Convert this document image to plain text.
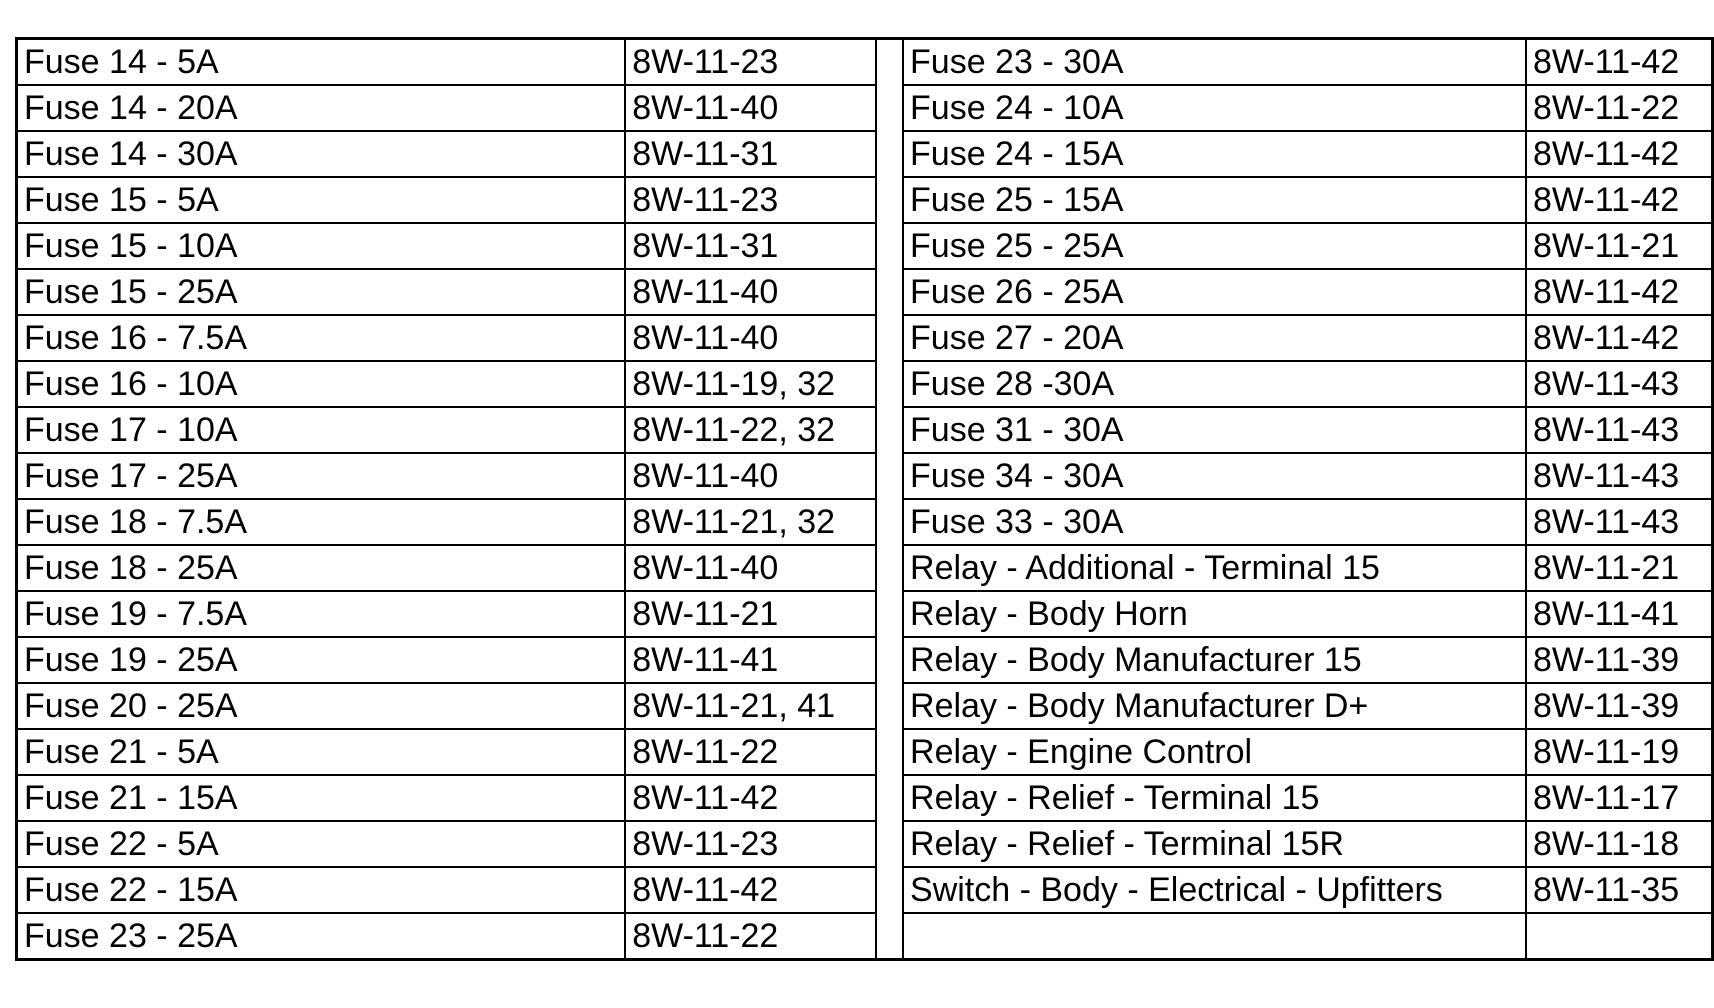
Fuse 14 - 5A	8W-11-23		Fuse 23 - 30A	8W-11-42
Fuse 14 - 20A	8W-11-40		Fuse 24 - 10A	8W-11-22
Fuse 14 - 30A	8W-11-31		Fuse 24 - 15A	8W-11-42
Fuse 15 - 5A	8W-11-23		Fuse 25 - 15A	8W-11-42
Fuse 15 - 10A	8W-11-31		Fuse 25 - 25A	8W-11-21
Fuse 15 - 25A	8W-11-40		Fuse 26 - 25A	8W-11-42
Fuse 16 - 7.5A	8W-11-40		Fuse 27 - 20A	8W-11-42
Fuse 16 - 10A	8W-11-19, 32		Fuse 28 -30A	8W-11-43
Fuse 17 - 10A	8W-11-22, 32		Fuse 31 - 30A	8W-11-43
Fuse 17 - 25A	8W-11-40		Fuse 34 - 30A	8W-11-43
Fuse 18 - 7.5A	8W-11-21, 32		Fuse 33 - 30A	8W-11-43
Fuse 18 - 25A	8W-11-40		Relay - Additional - Terminal 15	8W-11-21
Fuse 19 - 7.5A	8W-11-21		Relay - Body Horn	8W-11-41
Fuse 19 - 25A	8W-11-41		Relay - Body Manufacturer 15	8W-11-39
Fuse 20 - 25A	8W-11-21, 41		Relay - Body Manufacturer D+	8W-11-39
Fuse 21 - 5A	8W-11-22		Relay - Engine Control	8W-11-19
Fuse 21 - 15A	8W-11-42		Relay - Relief - Terminal 15	8W-11-17
Fuse 22 - 5A	8W-11-23		Relay - Relief - Terminal 15R	8W-11-18
Fuse 22 - 15A	8W-11-42		Switch - Body - Electrical - Upfitters	8W-11-35
Fuse 23 - 25A	8W-11-22			
